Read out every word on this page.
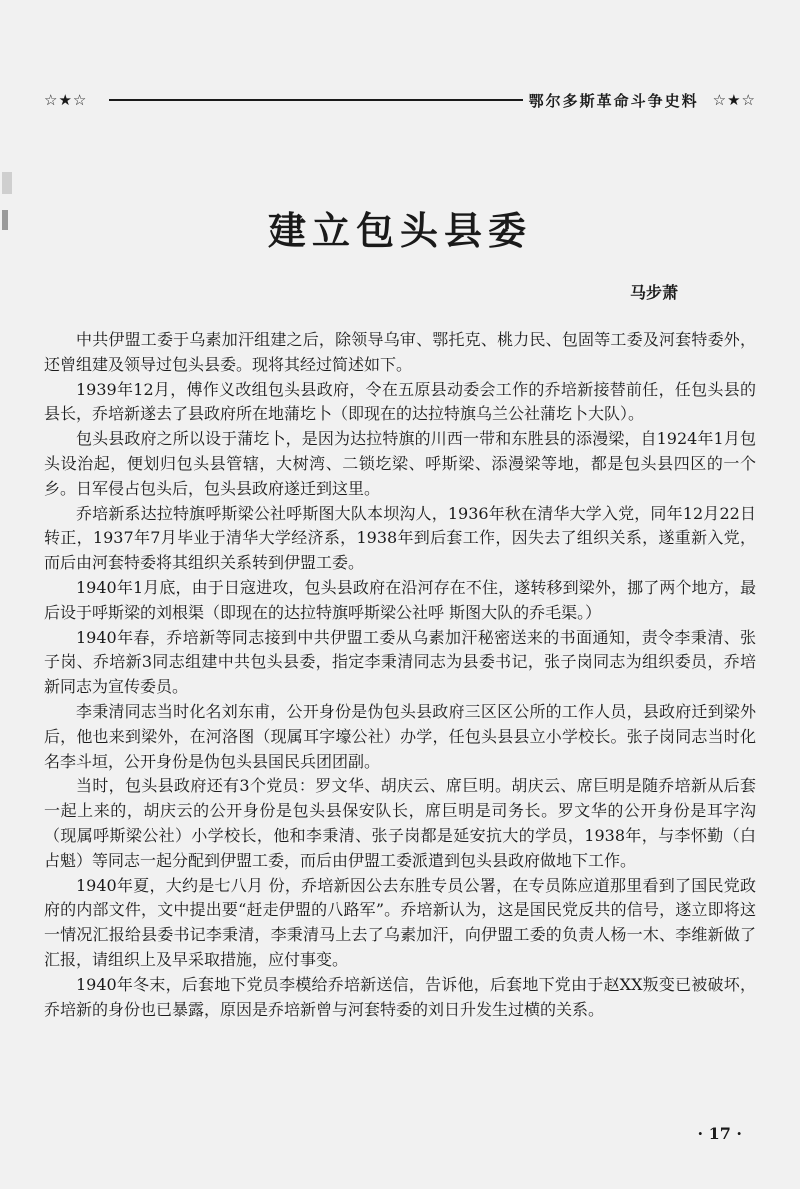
☆★☆	鄂尔多斯革命斗争史料 ☆★☆
建立包头县委
马步萧

中共伊盟工委于乌素加汗组建之后，除领导乌审、鄂托克、桃力民、包固等工委及河套特委外，还曾组建及领导过包头县委。现将其经过简述如下。

1939年12月，傅作义改组包头县政府，令在五原县动委会工作的乔培新接替前任，任包头县的县长，乔培新遂去了县政府所在地蒲圪卜（即现在的达拉特旗乌兰公社蒲圪卜大队）。

包头县政府之所以设于蒲圪卜，是因为达拉特旗的川西一带和东胜县的添漫梁，自1924年1月包头设治起，便划归包头县管辖，大树湾、二锁圪梁、呼斯梁、添漫梁等地，都是包头县四区的一个乡。日军侵占包头后，包头县政府遂迁到这里。

乔培新系达拉特旗呼斯梁公社呼斯图大队本坝沟人，1936年秋在清华大学入党，同年12月22日转正，1937年7月毕业于清华大学经济系，1938年到后套工作，因失去了组织关系，遂重新入党，而后由河套特委将其组织关系转到伊盟工委。

1940年1月底，由于日寇进攻，包头县政府在沿河存在不住，遂转移到梁外，挪了两个地方，最后设于呼斯梁的刘根渠（即现在的达拉特旗呼斯梁公社呼 斯图大队的乔毛渠。）

1940年春，乔培新等同志接到中共伊盟工委从乌素加汗秘密送来的书面通知，责令李秉清、张子岗、乔培新3同志组建中共包头县委，指定李秉清同志为县委书记，张子岗同志为组织委员，乔培新同志为宣传委员。

李秉清同志当时化名刘东甫，公开身份是伪包头县政府三区区公所的工作人员，县政府迁到梁外后，他也来到梁外，在河洛图（现属耳字壕公社）办学，任包头县县立小学校长。张子岗同志当时化名李斗垣，公开身份是伪包头县国民兵团团副。

当时，包头县政府还有3个党员：罗文华、胡庆云、席巨明。胡庆云、席巨明是随乔培新从后套一起上来的，胡庆云的公开身份是包头县保安队长，席巨明是司务长。罗文华的公开身份是耳字沟（现属呼斯梁公社）小学校长，他和李秉清、张子岗都是延安抗大的学员，1938年，与李怀勤（白占魁）等同志一起分配到伊盟工委，而后由伊盟工委派遣到包头县政府做地下工作。

1940年夏，大约是七八月 份，乔培新因公去东胜专员公署，在专员陈应道那里看到了国民党政府的内部文件，文中提出要“赶走伊盟的八路军”。乔培新认为，这是国民党反共的信号，遂立即将这一情况汇报给县委书记李秉清，李秉清马上去了乌素加汗，向伊盟工委的负责人杨一木、李维新做了汇报，请组织上及早采取措施，应付事变。

1940年冬末，后套地下党员李模给乔培新送信，告诉他，后套地下党由于赵XX叛变已被破坏，乔培新的身份也已暴露，原因是乔培新曾与河套特委的刘日升发生过横的关系。

· 17 ·
